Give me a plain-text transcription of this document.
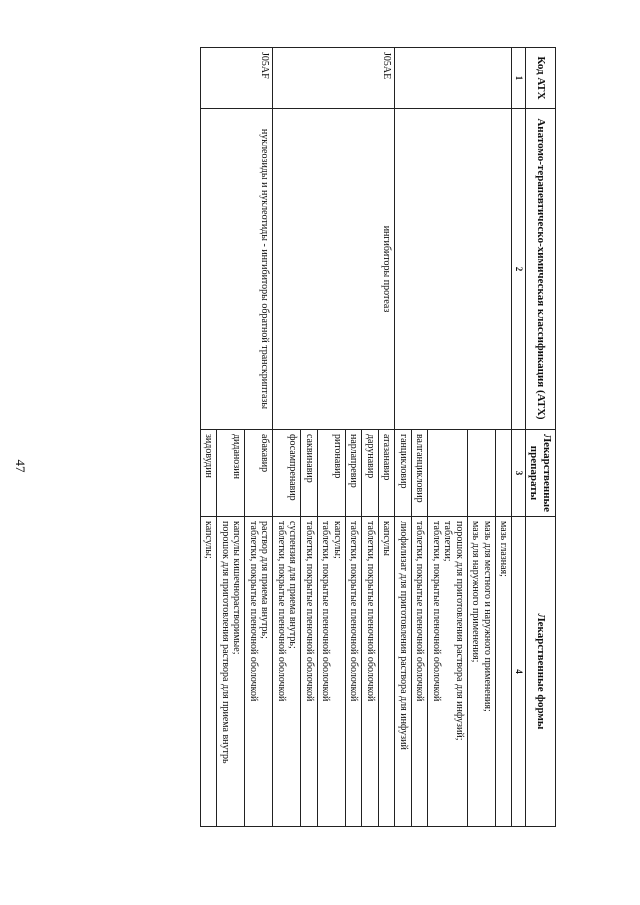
47
Код АТХ	Анатомо-терапевтическо-химическая классификация (АТХ)	Лекарственные препараты	Лекарственные формы
1	2	3	4

			мазь глазная;

			мазь для местного и наружного применения;
мазь для наружного применения;

			порошок для приготовления раствора для инфузий;
таблетки;
таблетки, покрытые пленочной оболочкой

		валганцикловир	таблетки, покрытые пленочной оболочкой

		ганцикловир	лиофилизат для приготовления раствора для инфузий

J05AE	ингибиторы протеаз	атазанавир	капсулы

		дарунавир	таблетки, покрытые пленочной оболочкой

		нарлапревир	таблетки, покрытые пленочной оболочкой

		ритонавир	капсулы;
таблетки, покрытые пленочной оболочкой

		саквинавир	таблетки, покрытые пленочной оболочкой

		фосампренавир	суспензия для приема внутрь;
таблетки, покрытые пленочной оболочкой

J05AF	нуклеозиды и нуклеотиды - ингибиторы обратной транскриптазы	абакавир	раствор для приема внутрь;
таблетки, покрытые пленочной оболочкой

		диданозин	капсулы кишечнорастворимые;
порошок для приготовления раствора для приема внутрь

		зидовудин	капсулы;
